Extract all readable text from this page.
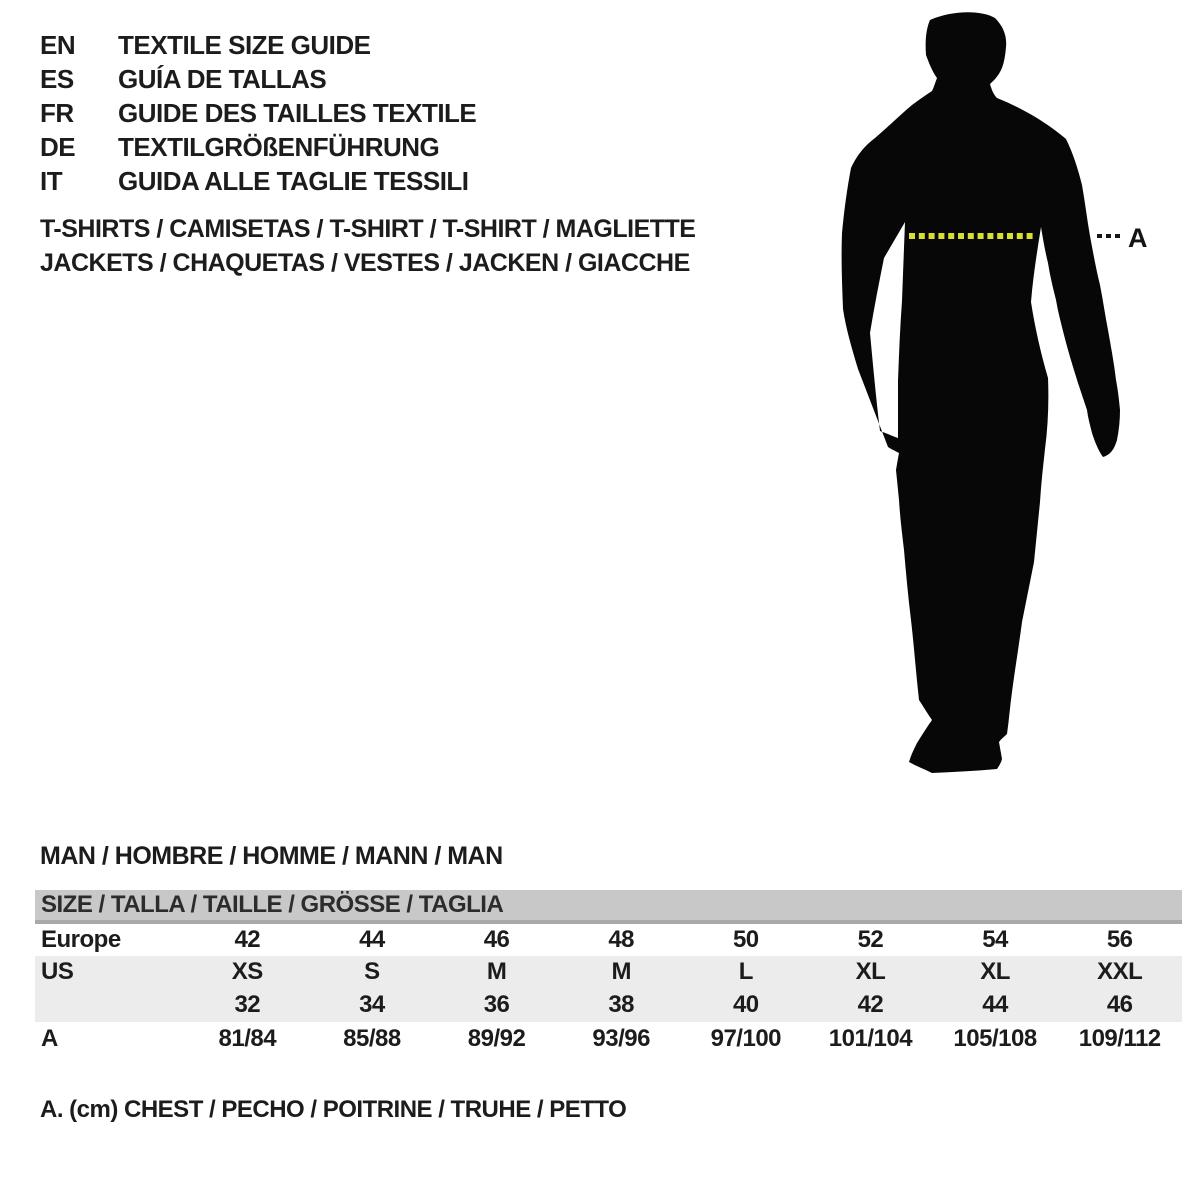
EN	TEXTILE SIZE GUIDE
ES	GUÍA DE TALLAS
FR	GUIDE DES TAILLES TEXTILE
DE	TEXTILGRÖßENFÜHRUNG
IT	GUIDA ALLE TAGLIE TESSILI
T-SHIRTS / CAMISETAS / T-SHIRT / T-SHIRT / MAGLIETTE
JACKETS / CHAQUETAS / VESTES / JACKEN / GIACCHE
A
MAN / HOMBRE / HOMME / MANN / MAN
SIZE / TALLA / TAILLE / GRÖSSE / TAGLIA
Europe	42	44	46	48	50	52	54	56
US	XS	S	M	M	L	XL	XL	XXL
	32	34	36	38	40	42	44	46
A	81/84	85/88	89/92	93/96	97/100	101/104	105/108	109/112

A. (cm) CHEST / PECHO / POITRINE / TRUHE / PETTO
